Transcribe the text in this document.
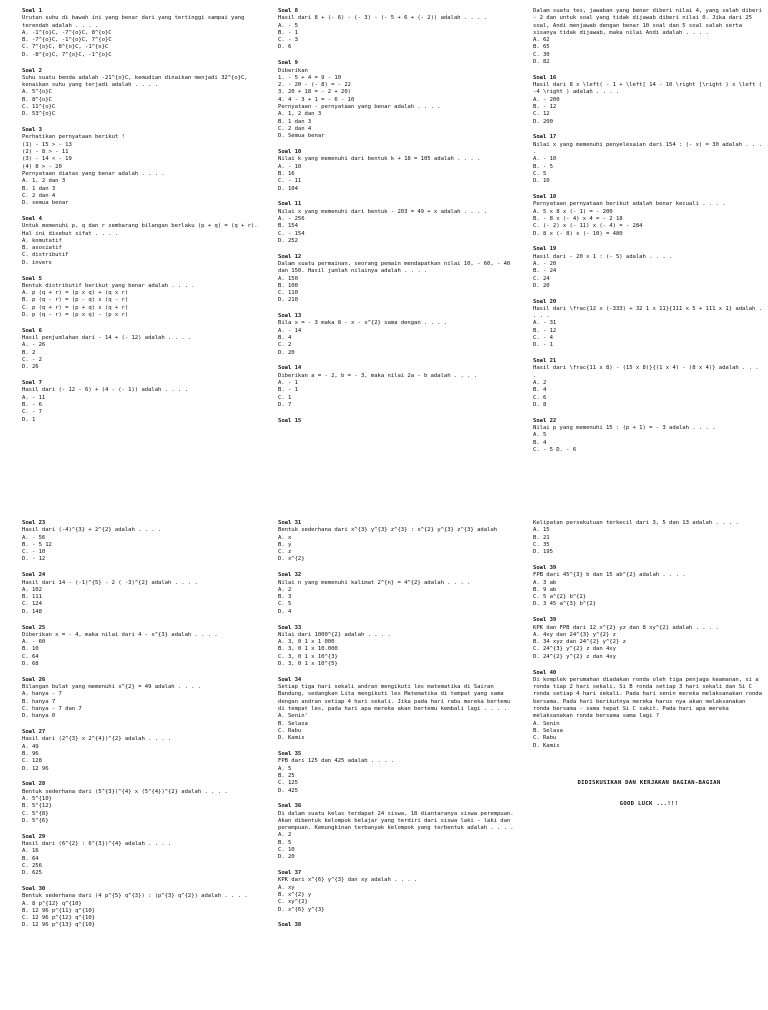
Soal 1
Urutan suhu di bawah ini yang benar dari yang tertinggi sampai yang terendah adalah . . . .
A. -1^{o}C, -7^{o}C, 8^{o}C
B. -7^{o}C, -1^{o}C, 7^{o}C
C. 7^{o}C, 8^{o}C, -1^{o}C
D. -8^{o}C, 7^{o}C, -1^{o}C
Soal 2
Suhu suatu benda adalah -21^{o}C, kemudian dinaikan menjadi 32^{o}C, kenaikan suhu yang terjadi adalah . . . .
A. 5^{o}C
B. 8^{o}C
C. 11^{o}C
D. 53^{o}C
Soal 3
Perhatikan pernyataan berikut !
(1) - 15 > - 13
(2) - 8 > - 11
(3) - 14 < - 19
(4) 8 > - 20
Pernyataan diatas yang benar adalah . . . .
A. 1, 2 dan 3
B. 1 dan 3
C. 2 dan 4
D. semua benar
Soal 4
Untuk memenuhi p, q dan r sembarang bilangan berlaku (p + q) = (q + r). Hal ini disebut sifat . . . .
A. komutatif
B. asosiatif
C. distributif
D. invers
Soal 5
Bentuk distributif berikut yang benar adalah . . . .
A. p (q + r) = (p x q) + (q x r)
B. p (q - r) = (p - q) x (q - r)
C. p (q + r) = (p + q) x (q + r)
D. p (q - r) = (p x q) - (p x r)
Soal 6
Hasil penjumlahan dari - 14 + (- 12) adalah . . . .
A. - 26
B. 2
C. - 2
D. 26
Soal 7
Hasil dari (- 12 - 6) + (4 - (- 1)) adalah . . . .
A. - 11
B. - 6
C. - 7
D. 1
Soal 8
Hasil dari 8 + (- 6) - (- 3) - (- 5 + 6 + (- 2)) adalah . . . .
A. - 5
B. - 1
C. - 3
D. 6
Soal 9
Diberikan
1. - 5 + 4 = 9 - 10
2. - 20 - (- 8) = - 22
3. 20 + 18 = - 2 + 20)
4. 4 - 3 + 1 = - 6 - 10
Pernyataan - pernyataan yang benar adalah . . . .
A. 1, 2 dan 3
B. 1 dan 3
C. 2 dan 4
D. Semua benar
Soal 10
Nilai k yang memenuhi dari bentuk k + 18 = 105 adalah . . . .
A. - 10
B. 16
C. - 11
D. 104
Soal 11
Nilai x yang memenuhi dari bentuk - 203 = 49 + x adalah . . . .
A. - 256
B. 154
C. - 154
D. 252
Soal 12
Dalam suatu permainan, seorang pemain mendapatkan nilai 10, - 60, - 40 dan 150. Hasil jumlah nilainya adalah . . . .
A. 150
B. 100
C. 110
D. 210
Soal 13
Bila x = - 3 maka 8 - x - x^{2} sama dengan . . . .
A. - 14
B. 4
C. 2
D. 20
Soal 14
Diberikan a = - 2, b = - 3, maka nilai 2a - b adalah . . . .
A. - 1
B. - 1
C. 1
D. 7
Soal 15
Dalam suatu tes, jawaban yang benar diberi nilai 4, yang salah diberi - 2 dan untuk soal yang tidak dijawab diberi nilai 0. Jika dari 25 soal, Andi menjawab dengan benar 10 soal dan 5 soal salah serta sisanya tidak dijawab, maka nilai Andi adalah . . . .
A. 62
B. 65
C. 30
D. 82
Soal 16
Hasil dari 8 x \left( - 1 + \left[ 14 - 10 \right ]\right ) x \left ( -4 \right ) adalah . . . .
A. - 200
B. - 12
C. 12
D. 200
Soal 17
Nilai x yang memenuhi penyelesaian dari 154 : (- x) = 30 adalah . . . .
A. - 10
B. - 5
C. 5
D. 10
Soal 18
Pernyataan pernyataan berikut adalah benar kecuali . . . .
A. 5 x 8 x (- 1) = - 200
B. - 8 x (- 4) x 4 = - 2 18
C. (- 2) x (- 11) x (- 4) = - 284
D. 8 x (- 8) x (- 10) = 480
Soal 19
Hasil dari - 20 x 1 : (- 5) adalah . . . .
A. - 20
B. - 24
C. 24
D. 20
Soal 20
Hasil dari \frac{12 x (-333) + 32 1 x 11}{111 x 5 + 111 x 1} adalah . . . .
A. - 31
B. - 12
C. - 4
D. - 1
Soal 21
Hasil dari \frac{11 x 8) - (15 x 8)}{(1 x 4) - (8 x 4)} adalah . . . .
A. 2
B. 4
C. 6
D. 8
Soal 22
Nilai p yang memenuhi 15 : (p + 1) = - 3 adalah . . . .
A. 5
B. 4
C. - 5 D. - 6
Soal 23
Hasil dari (-4)^{3} + 2^{2} adalah . . . .
A. - 56
B. - 5 12
C. - 10
D. - 12
Soal 24
Hasil dari 14 - (-1)^{5} - 2 ( -3)^{2} adalah . . . .
A. 102
B. 111
C. 124
D. 148
Soal 25
Diberikan x = - 4, maka nilai dari 4 - x^{3} adalah . . . .
A. - 60
B. 10
C. 64
D. 68
Soal 26
Bilangan bulat yang memenuhi x^{2} = 49 adalah . . . .
A. hanya - 7
B. hanya 7
C. hanya - 7 dan 7
D. hanya 0
Soal 27
Hasil dari (2^{3} x 2^{4})^{2} adalah . . . .
A. 49
B. 96
C. 128
D. 12 96
Soal 28
Bentuk sederhana dari (5^{3})^{4} x (5^{4})^{2} adalah . . . .
A. 5^{10}
B. 5^{12}
C. 5^{8}
D. 5^{6}
Soal 29
Hasil dari (6^{2} : 6^{3})^{4} adalah . . . .
A. 16
B. 64
C. 256
D. 625
Soal 30
Bentuk sederhana dari (4 p^{5} q^{3}) : (p^{3} q^{2}) adalah . . . .
A. 8 p^{12} q^{10}
B. 12 96 p^{11} q^{10}
C. 12 96 p^{12} q^{10}
D. 12 96 p^{13} q^{10}
Soal 31
Bentuk sederhana dari x^{3} y^{3} z^{3} : x^{2} y^{3} z^{3} adalah
A. x
B. y
C. z
D. x^{2}
Soal 32
Nilai n yang memenuhi kalimat 2^{n} = 4^{2} adalah . . . .
A. 2
B. 3
C. 5
D. 4
Soal 33
Nilai dari 1000^{2} adalah . . . .
A. 3, 0 1 x 1 000
B. 3, 0 1 x 10.000
C. 3, 0 1 x 10^{3}
D. 3, 0 1 x 10^{5}
Soal 34
Setiap tiga hari sekali andran mengikuti les matematika di Sairan Bandung, sedangkan Lita mengikuti les Matematika di tempat yang sama dengan andran setiap 4 hari sekali. Jika pada hari rabu mereka bertemu di tempat les, pada hari apa mereka akan bertemu kembali lagi . . . .
A. Senin'
B. Selasa
C. Rabu
D. Kamis
Soal 35
FPB dari 125 dan 425 adalah . . . .
A. 5
B. 25
C. 125
D. 425
Soal 36
Di dalam suatu kelas terdapat 24 siswa, 18 diantaranya siswa perempuan. Akan dibentuk kelompok belajar yang terdiri dari siswa laki - laki dan perempuan. Kemungkinan terbanyak kelompok yang terbentuk adalah . . . .
A. 2
B. 5
C. 10
D. 20
Soal 37
KPK dari x^{6} y^{3} dan xy adalah . . . .
A. xy
B. x^{2} y
C. xy^{2}
D. x^{6} y^{3}
Soal 38
Kelipatan persekutuan terkecil dari 3, 5 dan 13 adalah . . . .
A. 15
B. 21
C. 35
D. 195
Soal 39
FPB dari 45^{3} b dan 15 ab^{2} adalah . . . .
A. 3 ab
B. 9 ab
C. 5 a^{2} b^{2}
D. 3 45 a^{3} b^{2}
Soal 39
KPK dan FPB dari 12 x^{2} yz dan 8 xy^{2} adalah . . . .
A. 4xy dan 24^{3} y^{2} z
B. 34 xyz dan 24^{2} y^{2} z
C. 24^{3} y^{2} z dan 4xy
D. 24^{2} y^{2} z dan 4xy
Soal 40
Di komplek perumahan diadakan ronda oleh tiga penjaga keamanan, si a ronda tiap 2 hari sekali, Si B ronda setiap 3 hari sekali dan Si C ronda setiap 4 hari sekali. Pada hari senin mereka melaksanakan ronda bersama. Pada hari berikutnya mereka harus nya akan melaksanakan ronda bersama - sama tepat Si C sakit. Pada hari apa mereka melaksanakan ronda bersama sama lagi ?
A. Senin
B. Selasa
C. Rabu
D. Kamis
DIDISKUSIKAN DAN KERJAKAN BAGIAN-BAGIAN
GOOD LUCK ...!!!
